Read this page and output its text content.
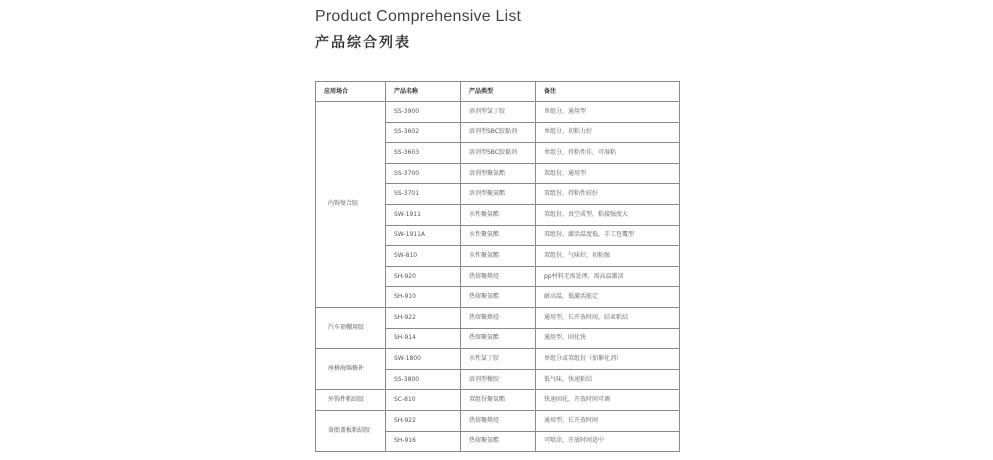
Product Comprehensive List
产品综合列表
应用场合	产品名称	产品类型	备注
内饰复合胶	SS-3900	溶剂型氯丁胶	单组分，通用型
	SS-3602	溶剂型SBC胶黏剂	单组分，初粘力好
	SS-3603	溶剂型SBC胶黏剂	单组分，持粘性佳，可湿粘
	SS-3700	溶剂型聚氨酯	双组份，通用型
	SS-3701	溶剂型聚氨酯	双组份，持粘性较好
	SW-1911	水性聚氨酯	双组份，真空成型，粘接强度大
	SW-1911A	水性聚氨酯	双组份，激活温度低，手工包覆型
	SW-810	水性聚氨酯	双组份，气味好，初粘强
	SH-920	热熔聚烯烃	pp材料无需处理，需高温激活
	SH-910	热熔聚氨酯	耐高温，低激活能定
汽车顶棚用胶	SH-922	热熔聚烯烃	通用型，长开放时间，结束粘结
	SH-914	热熔聚氨酯	通用型，固化快
座椅海绵修补	SW-1800	水性氯丁胶	单组分或双组份（加催化剂）
	SS-3800	溶剂型橡胶	低气味，快速粘结
外饰件粘结胶	SC-810	双组份聚氨酯	快速固化，开放时间可调
备胎盖板粘结胶	SH-922	热熔聚烯烃	通用型，长开放时间
	SH-916	热熔聚氨酯	可喷涂，开放时间适中
